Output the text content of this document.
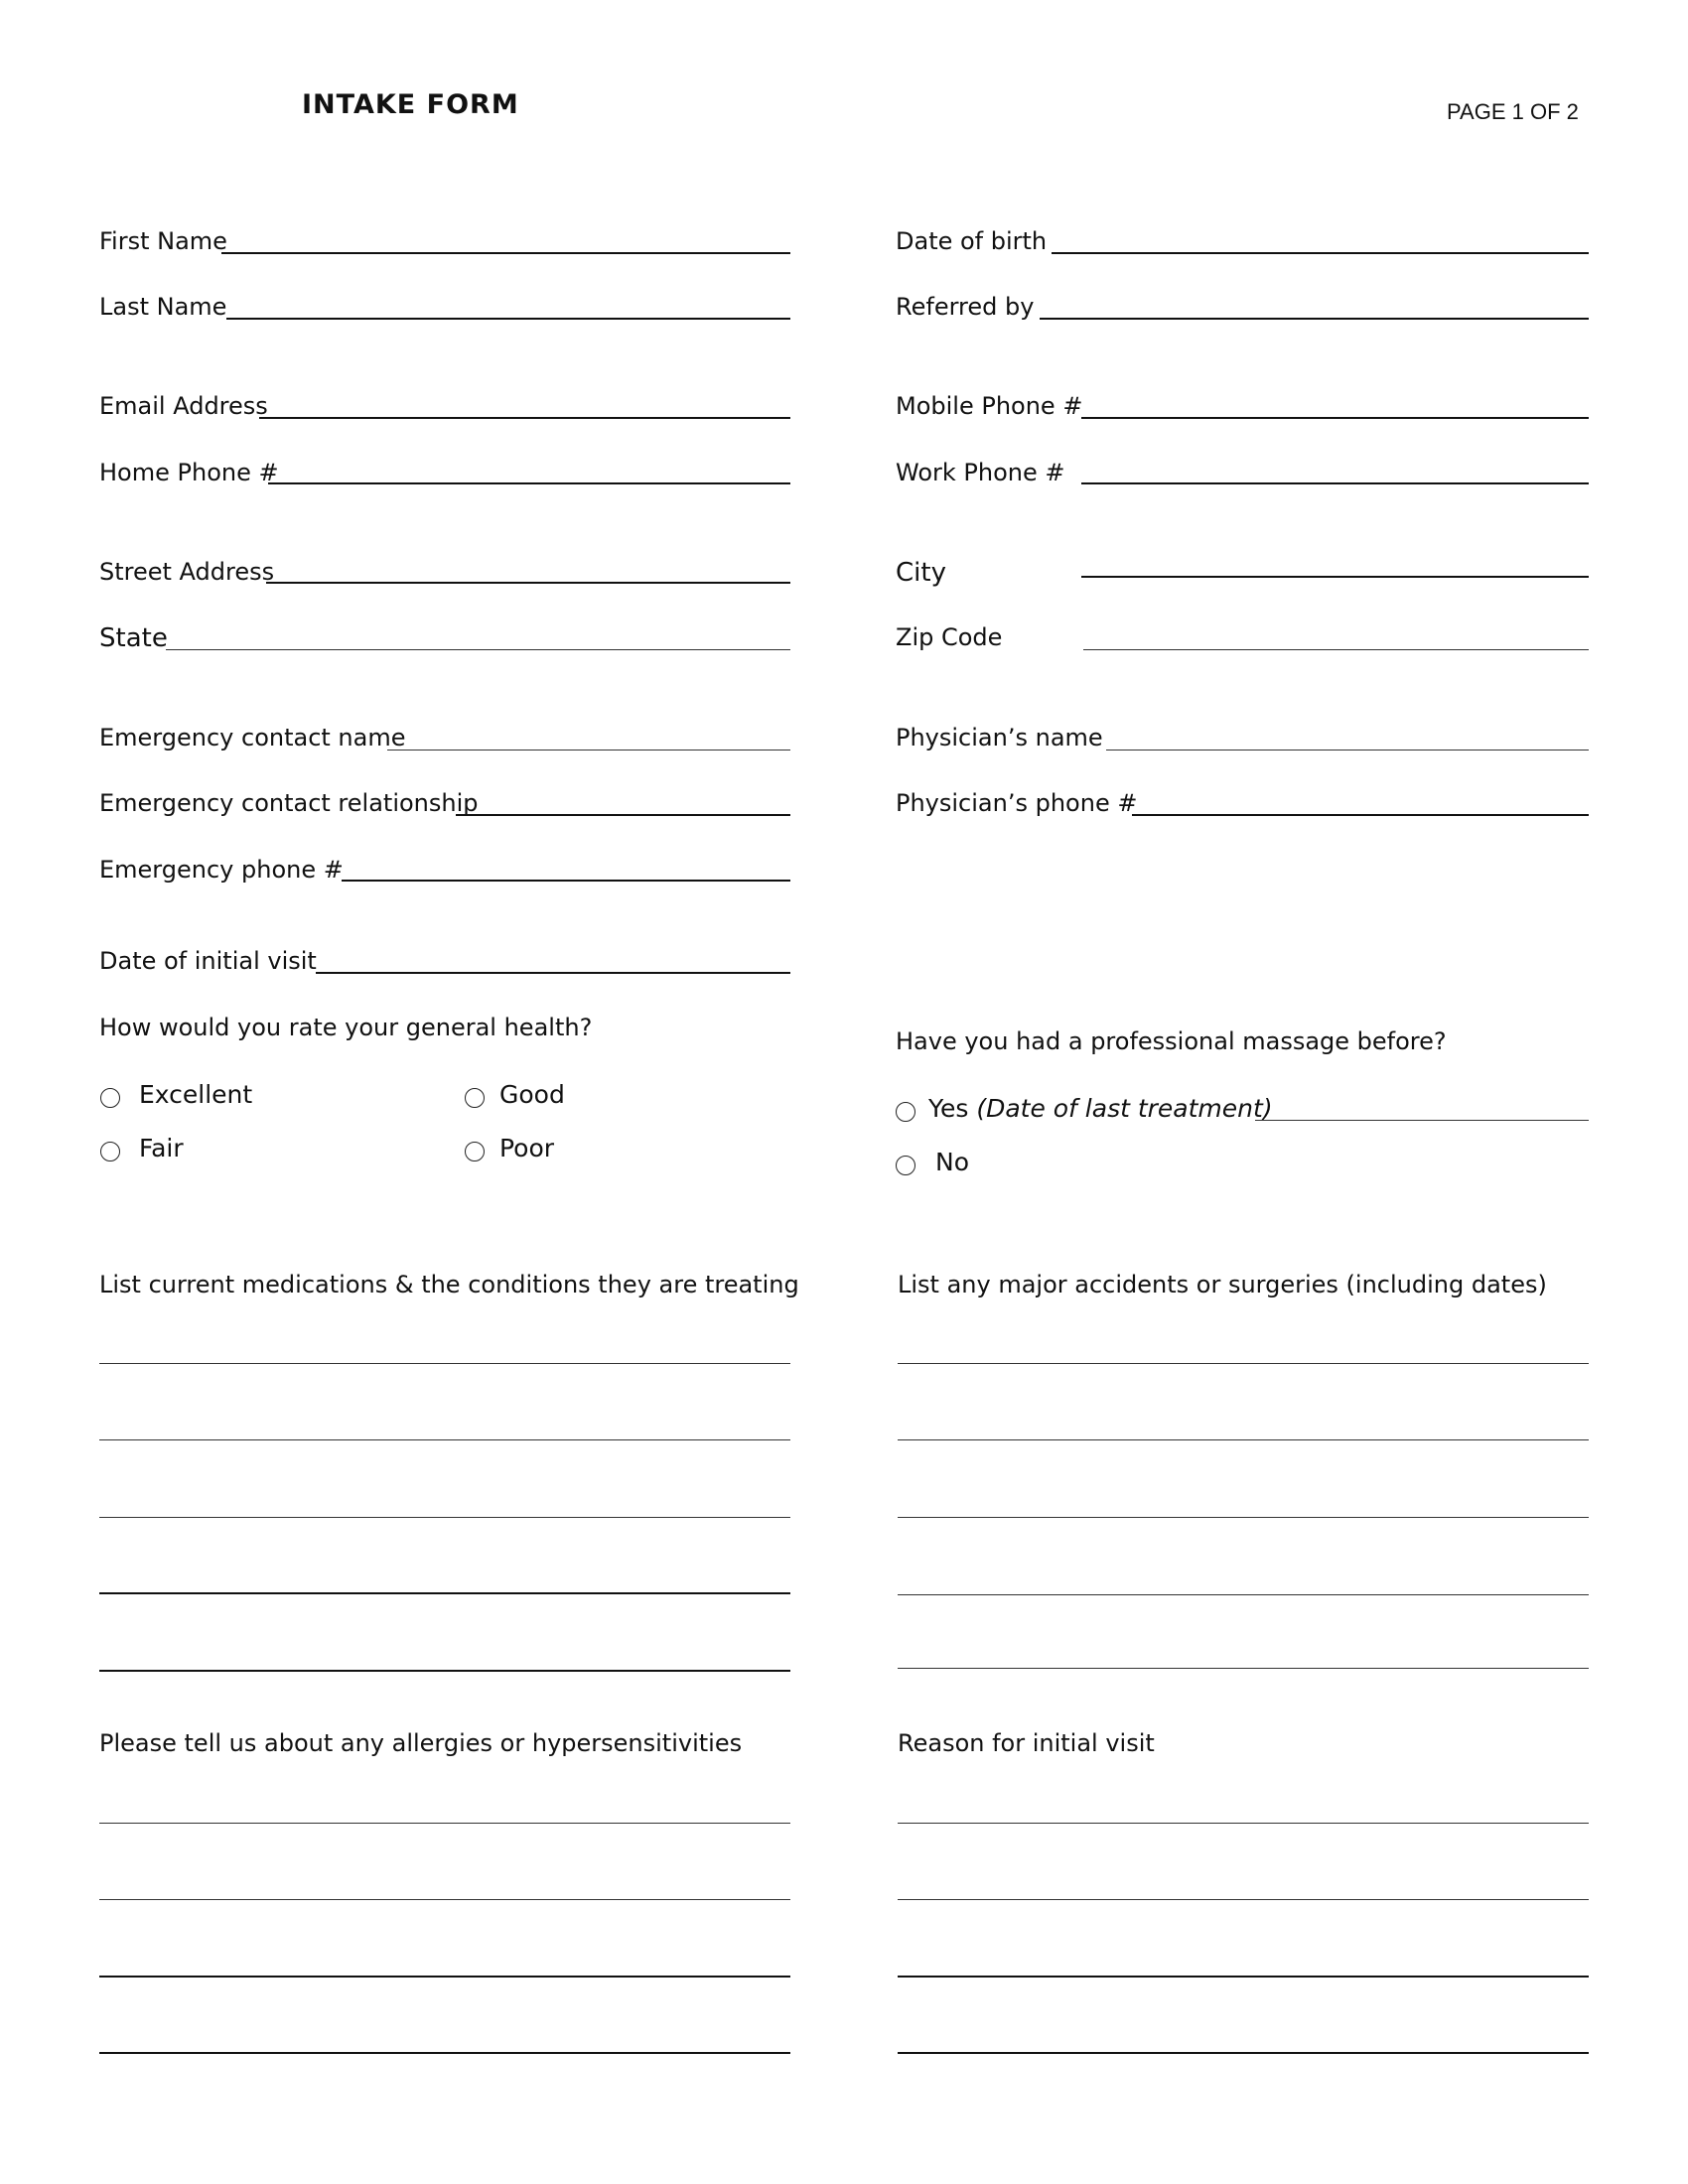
INTAKE FORM	PAGE 1 OF 2
First Name
Last Name
Email Address
Home Phone #
Street Address
State
Emergency contact name
Emergency contact relationship
Emergency phone #
Date of initial visit
Date of birth
Referred by
Mobile Phone #
Work Phone #
City
Zip Code
Physician’s name
Physician’s phone #
How would you rate your general health?
Excellent	Good
Fair	Poor
Have you had a professional massage before?
Yes (Date of last treatment)
No
List current medications & the conditions they are treating	List any major accidents or surgeries (including dates)
Please tell us about any allergies or hypersensitivities	Reason for initial visit
